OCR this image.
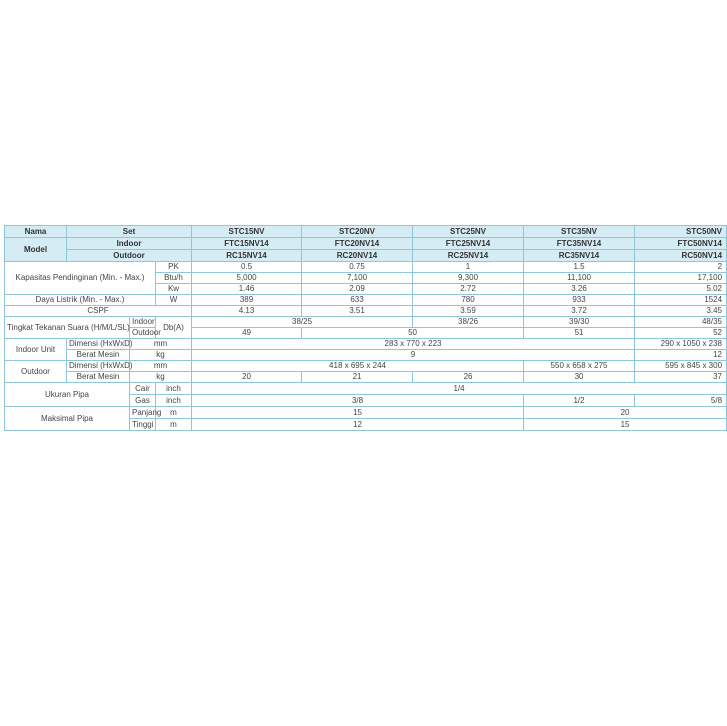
Nama	Set			STC15NV	STC20NV	STC25NV	STC35NV	STC50NV
Model	Indoor			FTC15NV14	FTC20NV14	FTC25NV14	FTC35NV14	FTC50NV14
	Outdoor			RC15NV14	RC20NV14	RC25NV14	RC35NV14	RC50NV14
Kapasitas Pendinginan (Min. - Max.)			PK	0.5	0.75	1	1.5	2
			Btu/h	5,000	7,100	9,300	11,100	17,100
			Kw	1.46	2.09	2.72	3.26	5.02
Daya Listrik (Min. - Max.)			W	389	633	780	933	1524
CSPF				4.13	3.51	3.59	3.72	3.45
Tingkat Tekanan Suara (H/M/L/SL)		Indoor	Db(A)	38/25		38/26	39/30	48/35
		Outdoor		49	50		51	52
Indoor Unit	Dimensi (HxWxD)	mm		283 x 770 x 223				290 x 1050 x 238
	Berat Mesin	kg		9				12
Outdoor	Dimensi (HxWxD)	mm		418 x 695 x 244			550 x 658 x 275	595 x 845 x 300
	Berat Mesin	kg		20	21	26	30	37
Ukuran Pipa		Cair	inch	1/4				
		Gas	inch	3/8			1/2	5/8
Maksimal Pipa		Panjang	m	15			20	
		Tinggi	m	12			15	
